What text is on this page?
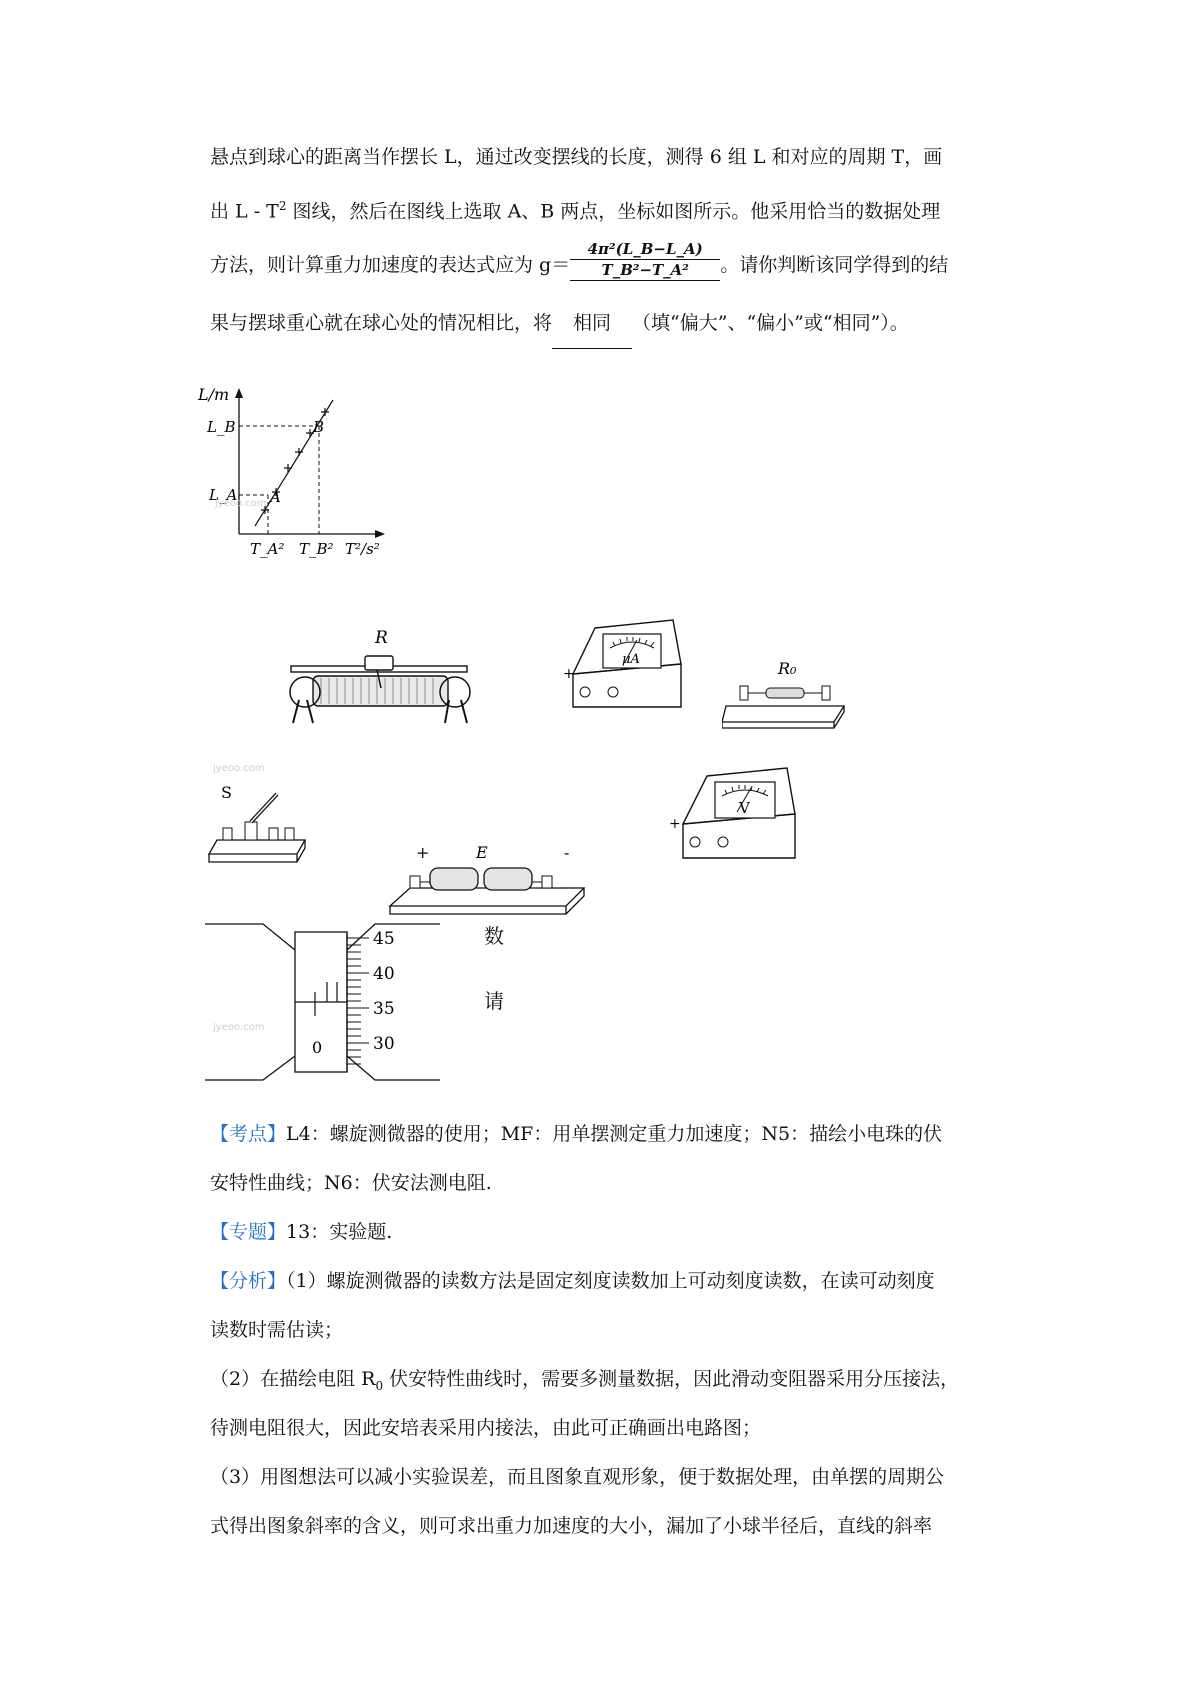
悬点到球心的距离当作摆长 L，通过改变摆线的长度，测得 6 组 L 和对应的周期 T，画
出 L - $T^2$ 图线，然后在图线上选取 A、B 两点，坐标如图所示。他采用恰当的数据处理
方法，则计算重力加速度的表达式应为 $g= \frac{\text{4π²(L\_B−L\_A)}}{\text{T\_B²−T\_A²}}$ 。请你判断该同学得到的结
果与摆球重心就在球心处的情况相比，将 相同 （填“偏大”、“偏小”或“相同”）。
L/m
L_B
L_A A
B
T_A² T_B² T²/s²
jyeoo.com
R
μA
+	R₀
jyeoo.com
S
V
+
+	E	-
0
45
40
35
30
jyeoo.com
数
请
【考点】L4：螺旋测微器的使用；MF：用单摆测定重力加速度；N5：描绘小电珠的伏
安特性曲线；N6：伏安法测电阻.
【专题】13：实验题.
【分析】（1）螺旋测微器的读数方法是固定刻度读数加上可动刻度读数，在读可动刻度
读数时需估读；
（2）在描绘电阻 $R_0$ 伏安特性曲线时，需要多测量数据，因此滑动变阻器采用分压接法，
待测电阻很大，因此安培表采用内接法，由此可正确画出电路图；
（3）用图想法可以减小实验误差，而且图象直观形象，便于数据处理，由单摆的周期公
式得出图象斜率的含义，则可求出重力加速度的大小，漏加了小球半径后，直线的斜率
